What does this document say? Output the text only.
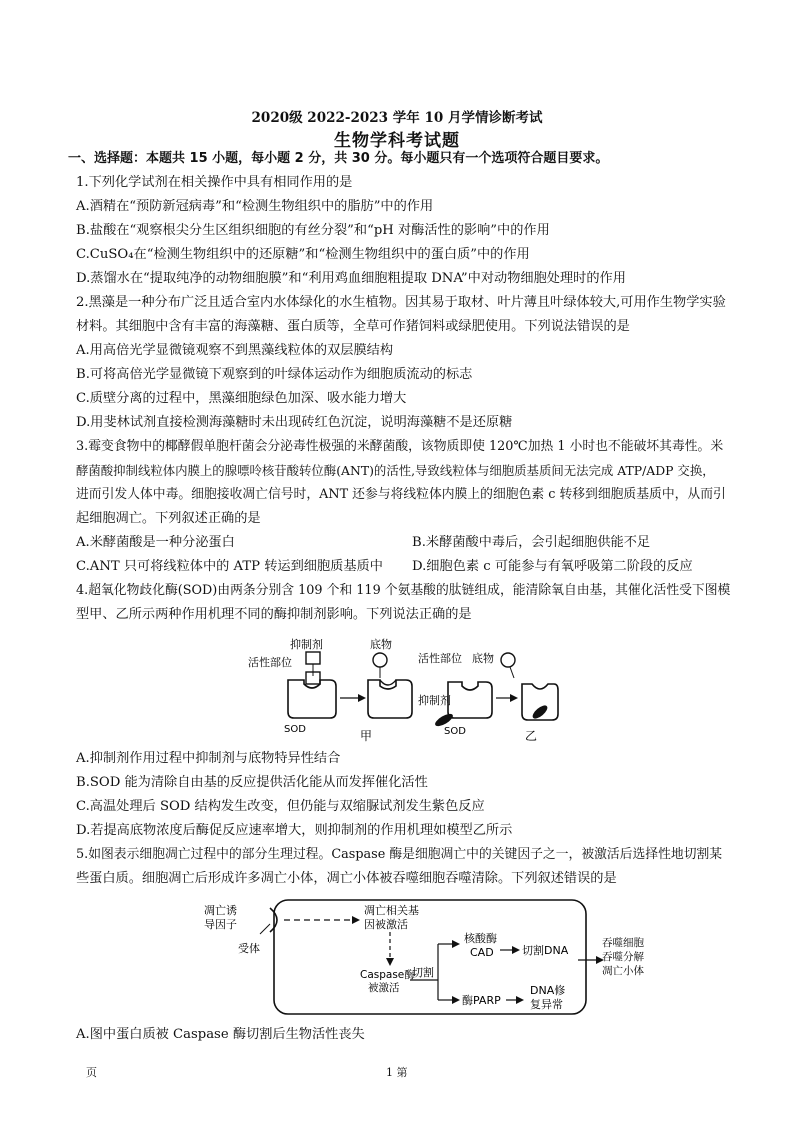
2020级 2022-2023 学年 10 月学情诊断考试
生物学科考试题
一、选择题：本题共 15 小题，每小题 2 分，共 30 分。每小题只有一个选项符合题目要求。
1.下列化学试剂在相关操作中具有相同作用的是
A.酒精在“预防新冠病毒”和“检测生物组织中的脂肪”中的作用
B.盐酸在“观察根尖分生区组织细胞的有丝分裂”和“pH 对酶活性的影响”中的作用
C.CuSO₄在“检测生物组织中的还原糖”和“检测生物组织中的蛋白质”中的作用
D.蒸馏水在“提取纯净的动物细胞膜”和“利用鸡血细胞粗提取 DNA”中对动物细胞处理时的作用
2.黑藻是一种分布广泛且适合室内水体绿化的水生植物。因其易于取材、叶片薄且叶绿体较大,可用作生物学实验
材料。其细胞中含有丰富的海藻糖、蛋白质等，全草可作猪饲料或绿肥使用。下列说法错误的是
A.用高倍光学显微镜观察不到黑藻线粒体的双层膜结构
B.可将高倍光学显微镜下观察到的叶绿体运动作为细胞质流动的标志
C.质壁分离的过程中，黑藻细胞绿色加深、吸水能力增大
D.用斐林试剂直接检测海藻糖时未出现砖红色沉淀，说明海藻糖不是还原糖
3.霉变食物中的椰酵假单胞杆菌会分泌毒性极强的米酵菌酸，该物质即使 120℃加热 1 小时也不能破坏其毒性。米
酵菌酸抑制线粒体内膜上的腺嘌呤核苷酸转位酶(ANT)的活性,导致线粒体与细胞质基质间无法完成 ATP/ADP 交换，
进而引发人体中毒。细胞接收凋亡信号时，ANT 还参与将线粒体内膜上的细胞色素 c 转移到细胞质基质中，从而引
起细胞凋亡。下列叙述正确的是
A.米酵菌酸是一种分泌蛋白	B.米酵菌酸中毒后，会引起细胞供能不足
C.ANT 只可将线粒体中的 ATP 转运到细胞质基质中	D.细胞色素 c 可能参与有氧呼吸第二阶段的反应
4.超氧化物歧化酶(SOD)由两条分别含 109 个和 119 个氨基酸的肽链组成，能清除氧自由基，其催化活性受下图模
型甲、乙所示两种作用机理不同的酶抑制剂影响。下列说法正确的是
抑制剂	底物
活性部位
SOD	甲
活性部位 底物
抑制剂
SOD	乙
A.抑制剂作用过程中抑制剂与底物特异性结合
B.SOD 能为清除自由基的反应提供活化能从而发挥催化活性
C.高温处理后 SOD 结构发生改变，但仍能与双缩脲试剂发生紫色反应
D.若提高底物浓度后酶促反应速率增大，则抑制剂的作用机理如模型乙所示
5.如图表示细胞凋亡过程中的部分生理过程。Caspase 酶是细胞凋亡中的关键因子之一，被激活后选择性地切割某
些蛋白质。细胞凋亡后形成许多凋亡小体，凋亡小体被吞噬细胞吞噬清除。下列叙述错误的是
凋亡诱
导因子
受体
凋亡相关基
因被激活
Caspase酶
被激活
切割
核酸酶
CAD	切割DNA
酶PARP
DNA修
复异常
吞噬细胞
吞噬分解
凋亡小体
A.图中蛋白质被 Caspase 酶切割后生物活性丧失
页	1 第
